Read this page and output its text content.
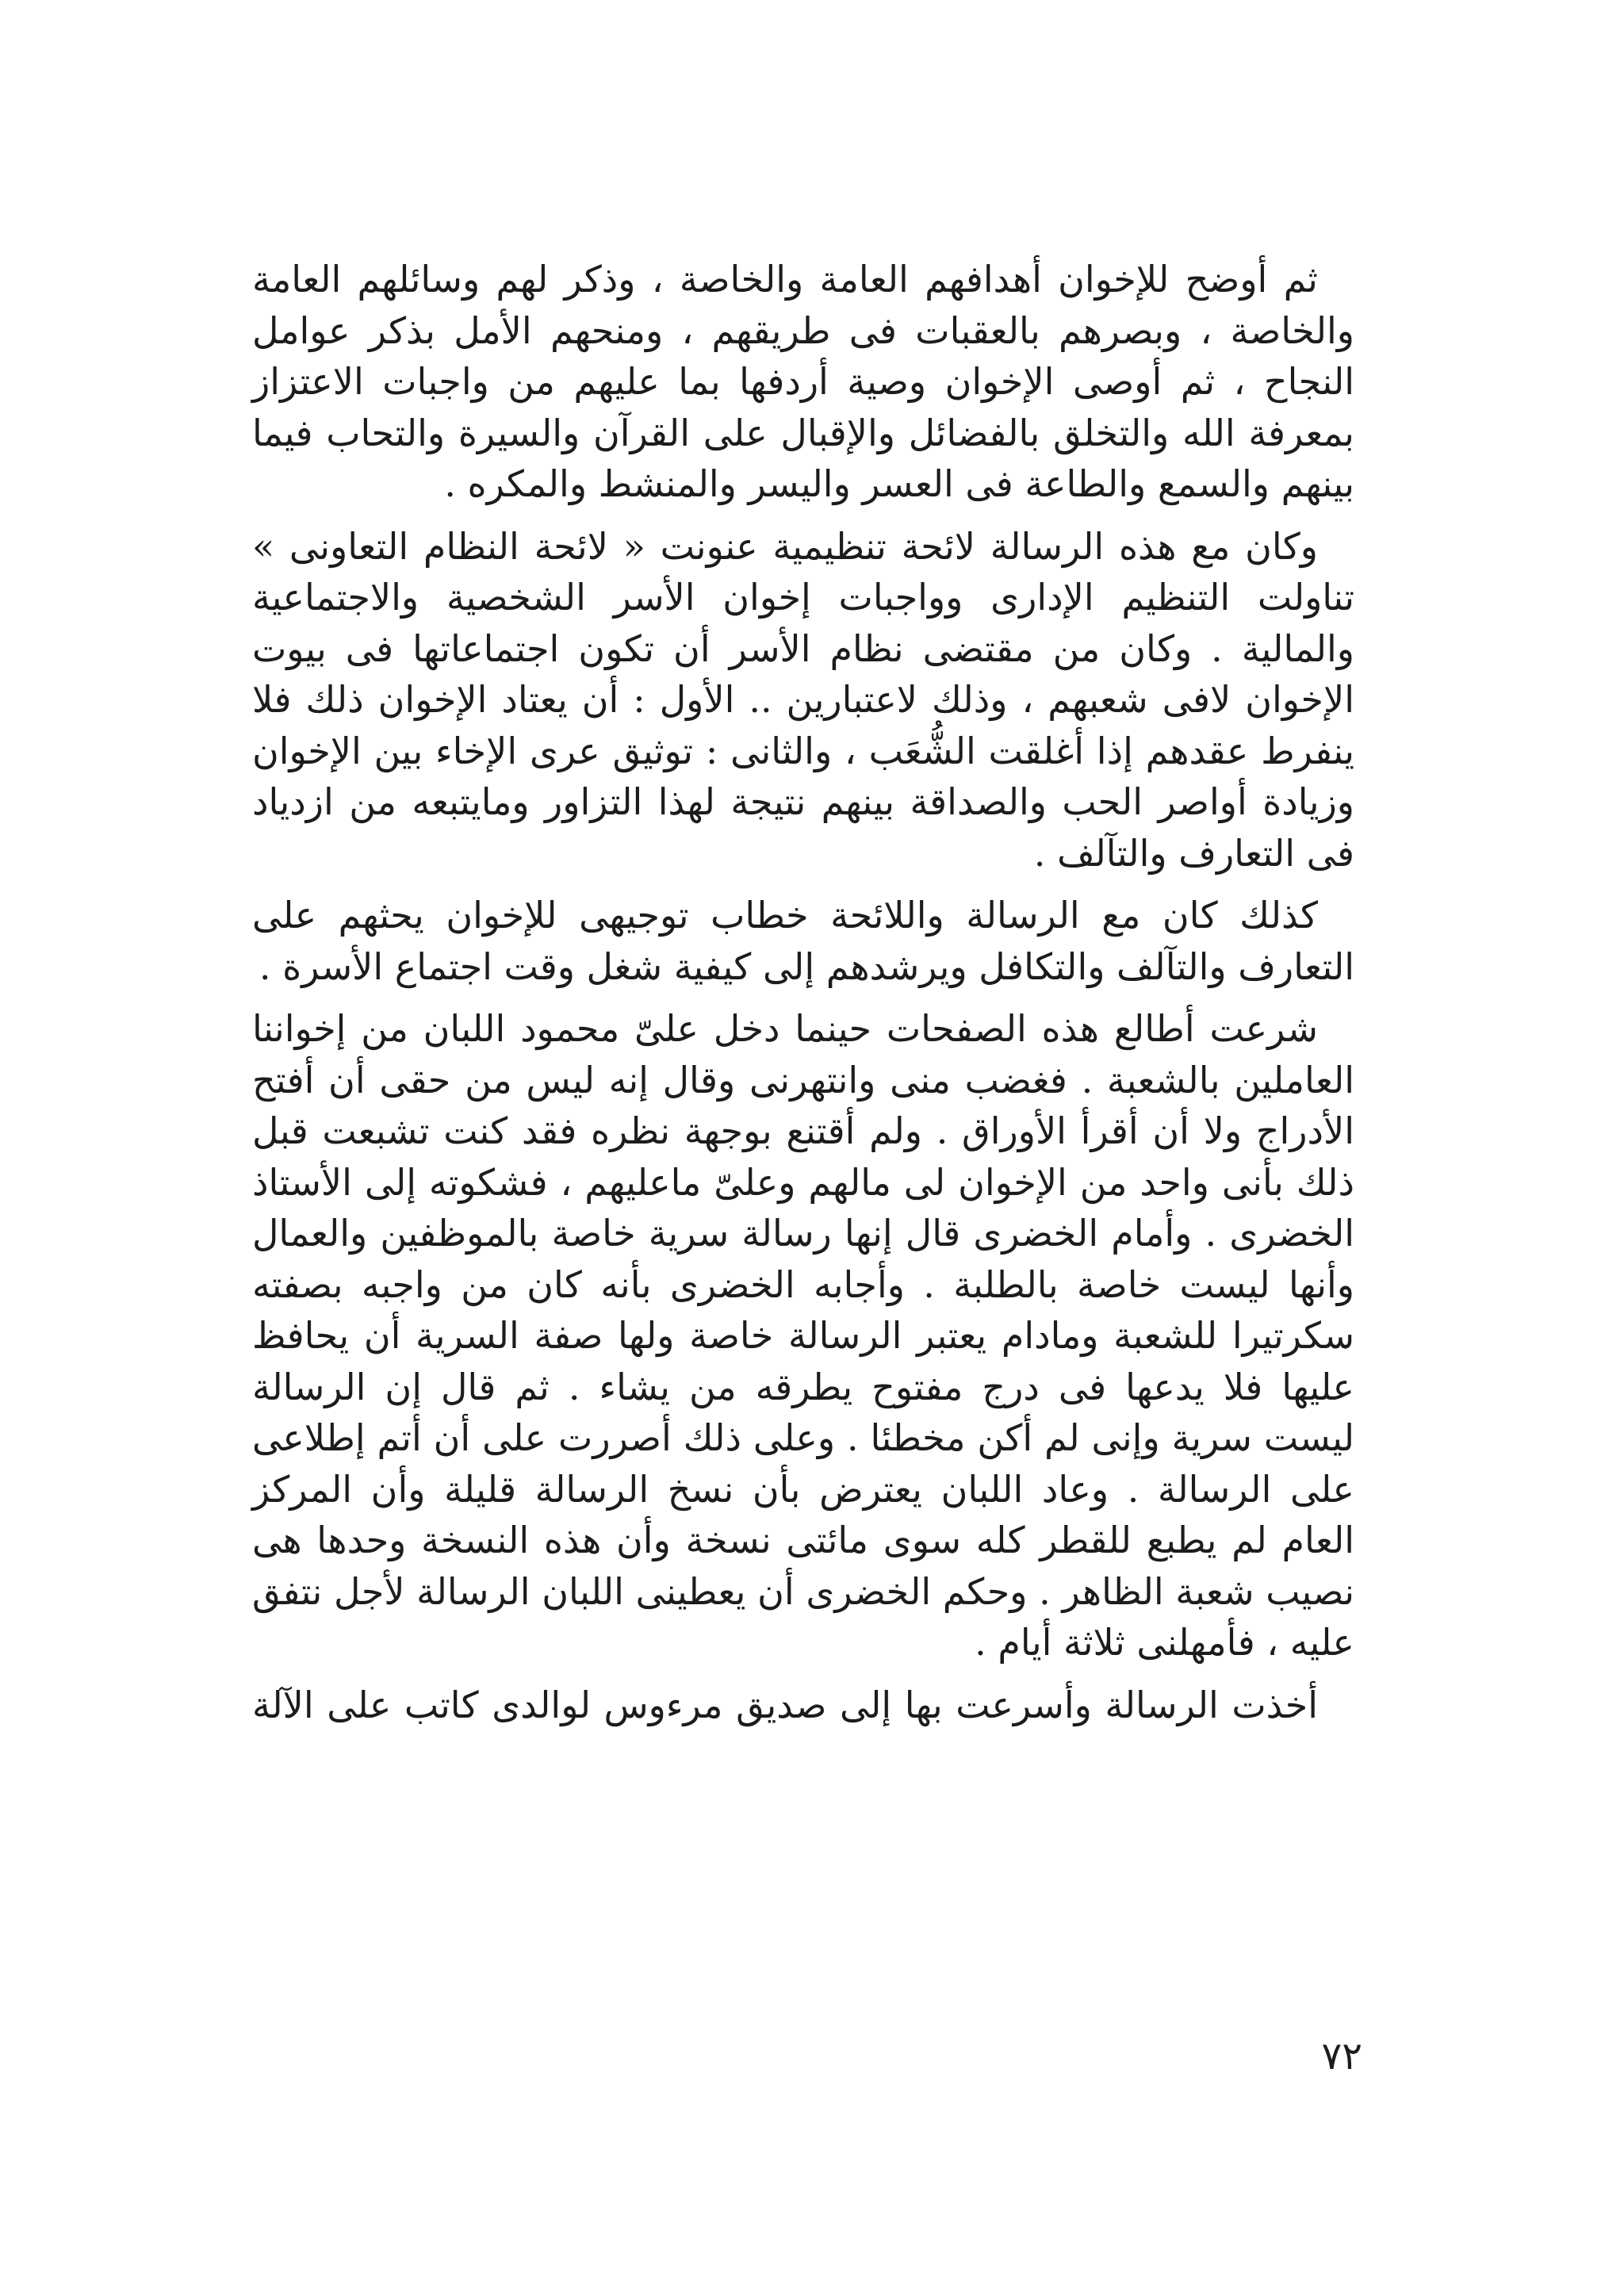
ثم أوضح للإخوان أهدافهم العامة والخاصة ، وذكر لهم وسائلهم العامة والخاصة ، وبصرهم بالعقبات فى طريقهم ، ومنحهم الأمل بذكر عوامل النجاح ، ثم أوصى الإخوان وصية أردفها بما عليهم من واجبات الاعتزاز بمعرفة الله والتخلق بالفضائل والإقبال على القرآن والسيرة والتحاب فيما بينهم والسمع والطاعة فى العسر واليسر والمنشط والمكره .

وكان مع هذه الرسالة لائحة تنظيمية عنونت « لائحة النظام التعاونى » تناولت التنظيم الإدارى وواجبات إخوان الأسر الشخصية والاجتماعية والمالية . وكان من مقتضى نظام الأسر أن تكون اجتماعاتها فى بيوت الإخوان لافى شعبهم ، وذلك لاعتبارين .. الأول : أن يعتاد الإخوان ذلك فلا ينفرط عقدهم إذا أغلقت الشُّعَب ، والثانى : توثيق عرى الإخاء بين الإخوان وزيادة أواصر الحب والصداقة بينهم نتيجة لهذا التزاور ومايتبعه من ازدياد فى التعارف والتآلف .

كذلك كان مع الرسالة واللائحة خطاب توجيهى للإخوان يحثهم على التعارف والتآلف والتكافل ويرشدهم إلى كيفية شغل وقت اجتماع الأسرة .

شرعت أطالع هذه الصفحات حينما دخل علىّ محمود اللبان من إخواننا العاملين بالشعبة . فغضب منى وانتهرنى وقال إنه ليس من حقى أن أفتح الأدراج ولا أن أقرأ الأوراق . ولم أقتنع بوجهة نظره فقد كنت تشبعت قبل ذلك بأنى واحد من الإخوان لى مالهم وعلىّ ماعليهم ، فشكوته إلى الأستاذ الخضرى . وأمام الخضرى قال إنها رسالة سرية خاصة بالموظفين والعمال وأنها ليست خاصة بالطلبة . وأجابه الخضرى بأنه كان من واجبه بصفته سكرتيرا للشعبة ومادام يعتبر الرسالة خاصة ولها صفة السرية أن يحافظ عليها فلا يدعها فى درج مفتوح يطرقه من يشاء . ثم قال إن الرسالة ليست سرية وإنى لم أكن مخطئا . وعلى ذلك أصررت على أن أتم إطلاعى على الرسالة . وعاد اللبان يعترض بأن نسخ الرسالة قليلة وأن المركز العام لم يطبع للقطر كله سوى مائتى نسخة وأن هذه النسخة وحدها هى نصيب شعبة الظاهر . وحكم الخضرى أن يعطينى اللبان الرسالة لأجل نتفق عليه ، فأمهلنى ثلاثة أيام .

أخذت الرسالة وأسرعت بها إلى صديق مرءوس لوالدى كاتب على الآلة

٧٢
